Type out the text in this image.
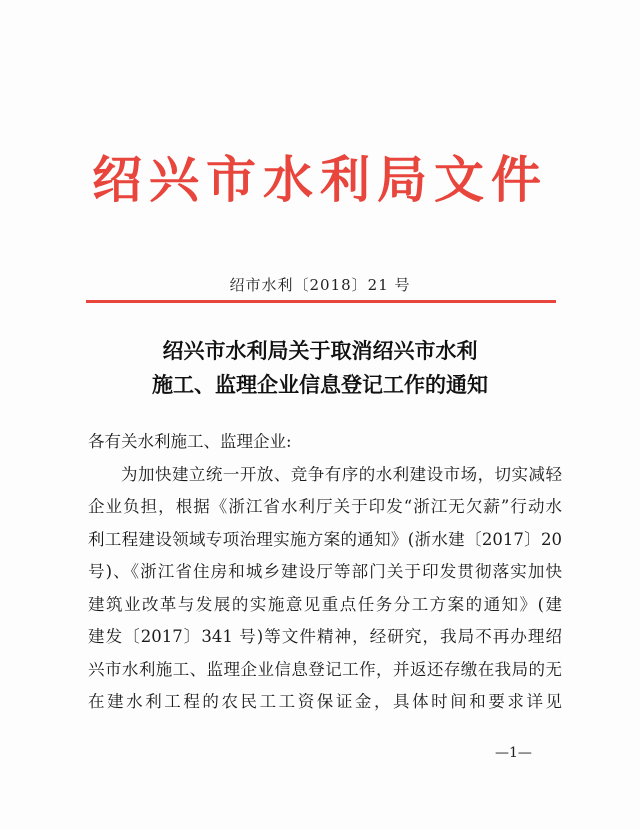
绍兴市水利局文件
绍市水利〔2018〕21 号
绍兴市水利局关于取消绍兴市水利
施工、监理企业信息登记工作的通知
各有关水利施工、监理企业:
为加快建立统一开放、竞争有序的水利建设市场，切实减轻
企业负担，根据《浙江省水利厅关于印发“浙江无欠薪”行动水
利工程建设领域专项治理实施方案的通知》(浙水建〔2017〕20
号)、《浙江省住房和城乡建设厅等部门关于印发贯彻落实加快
建筑业改革与发展的实施意见重点任务分工方案的通知》(建
建发〔2017〕341 号)等文件精神，经研究，我局不再办理绍
兴市水利施工、监理企业信息登记工作，并返还存缴在我局的无
在建水利工程的农民工工资保证金，具体时间和要求详见
—1—
